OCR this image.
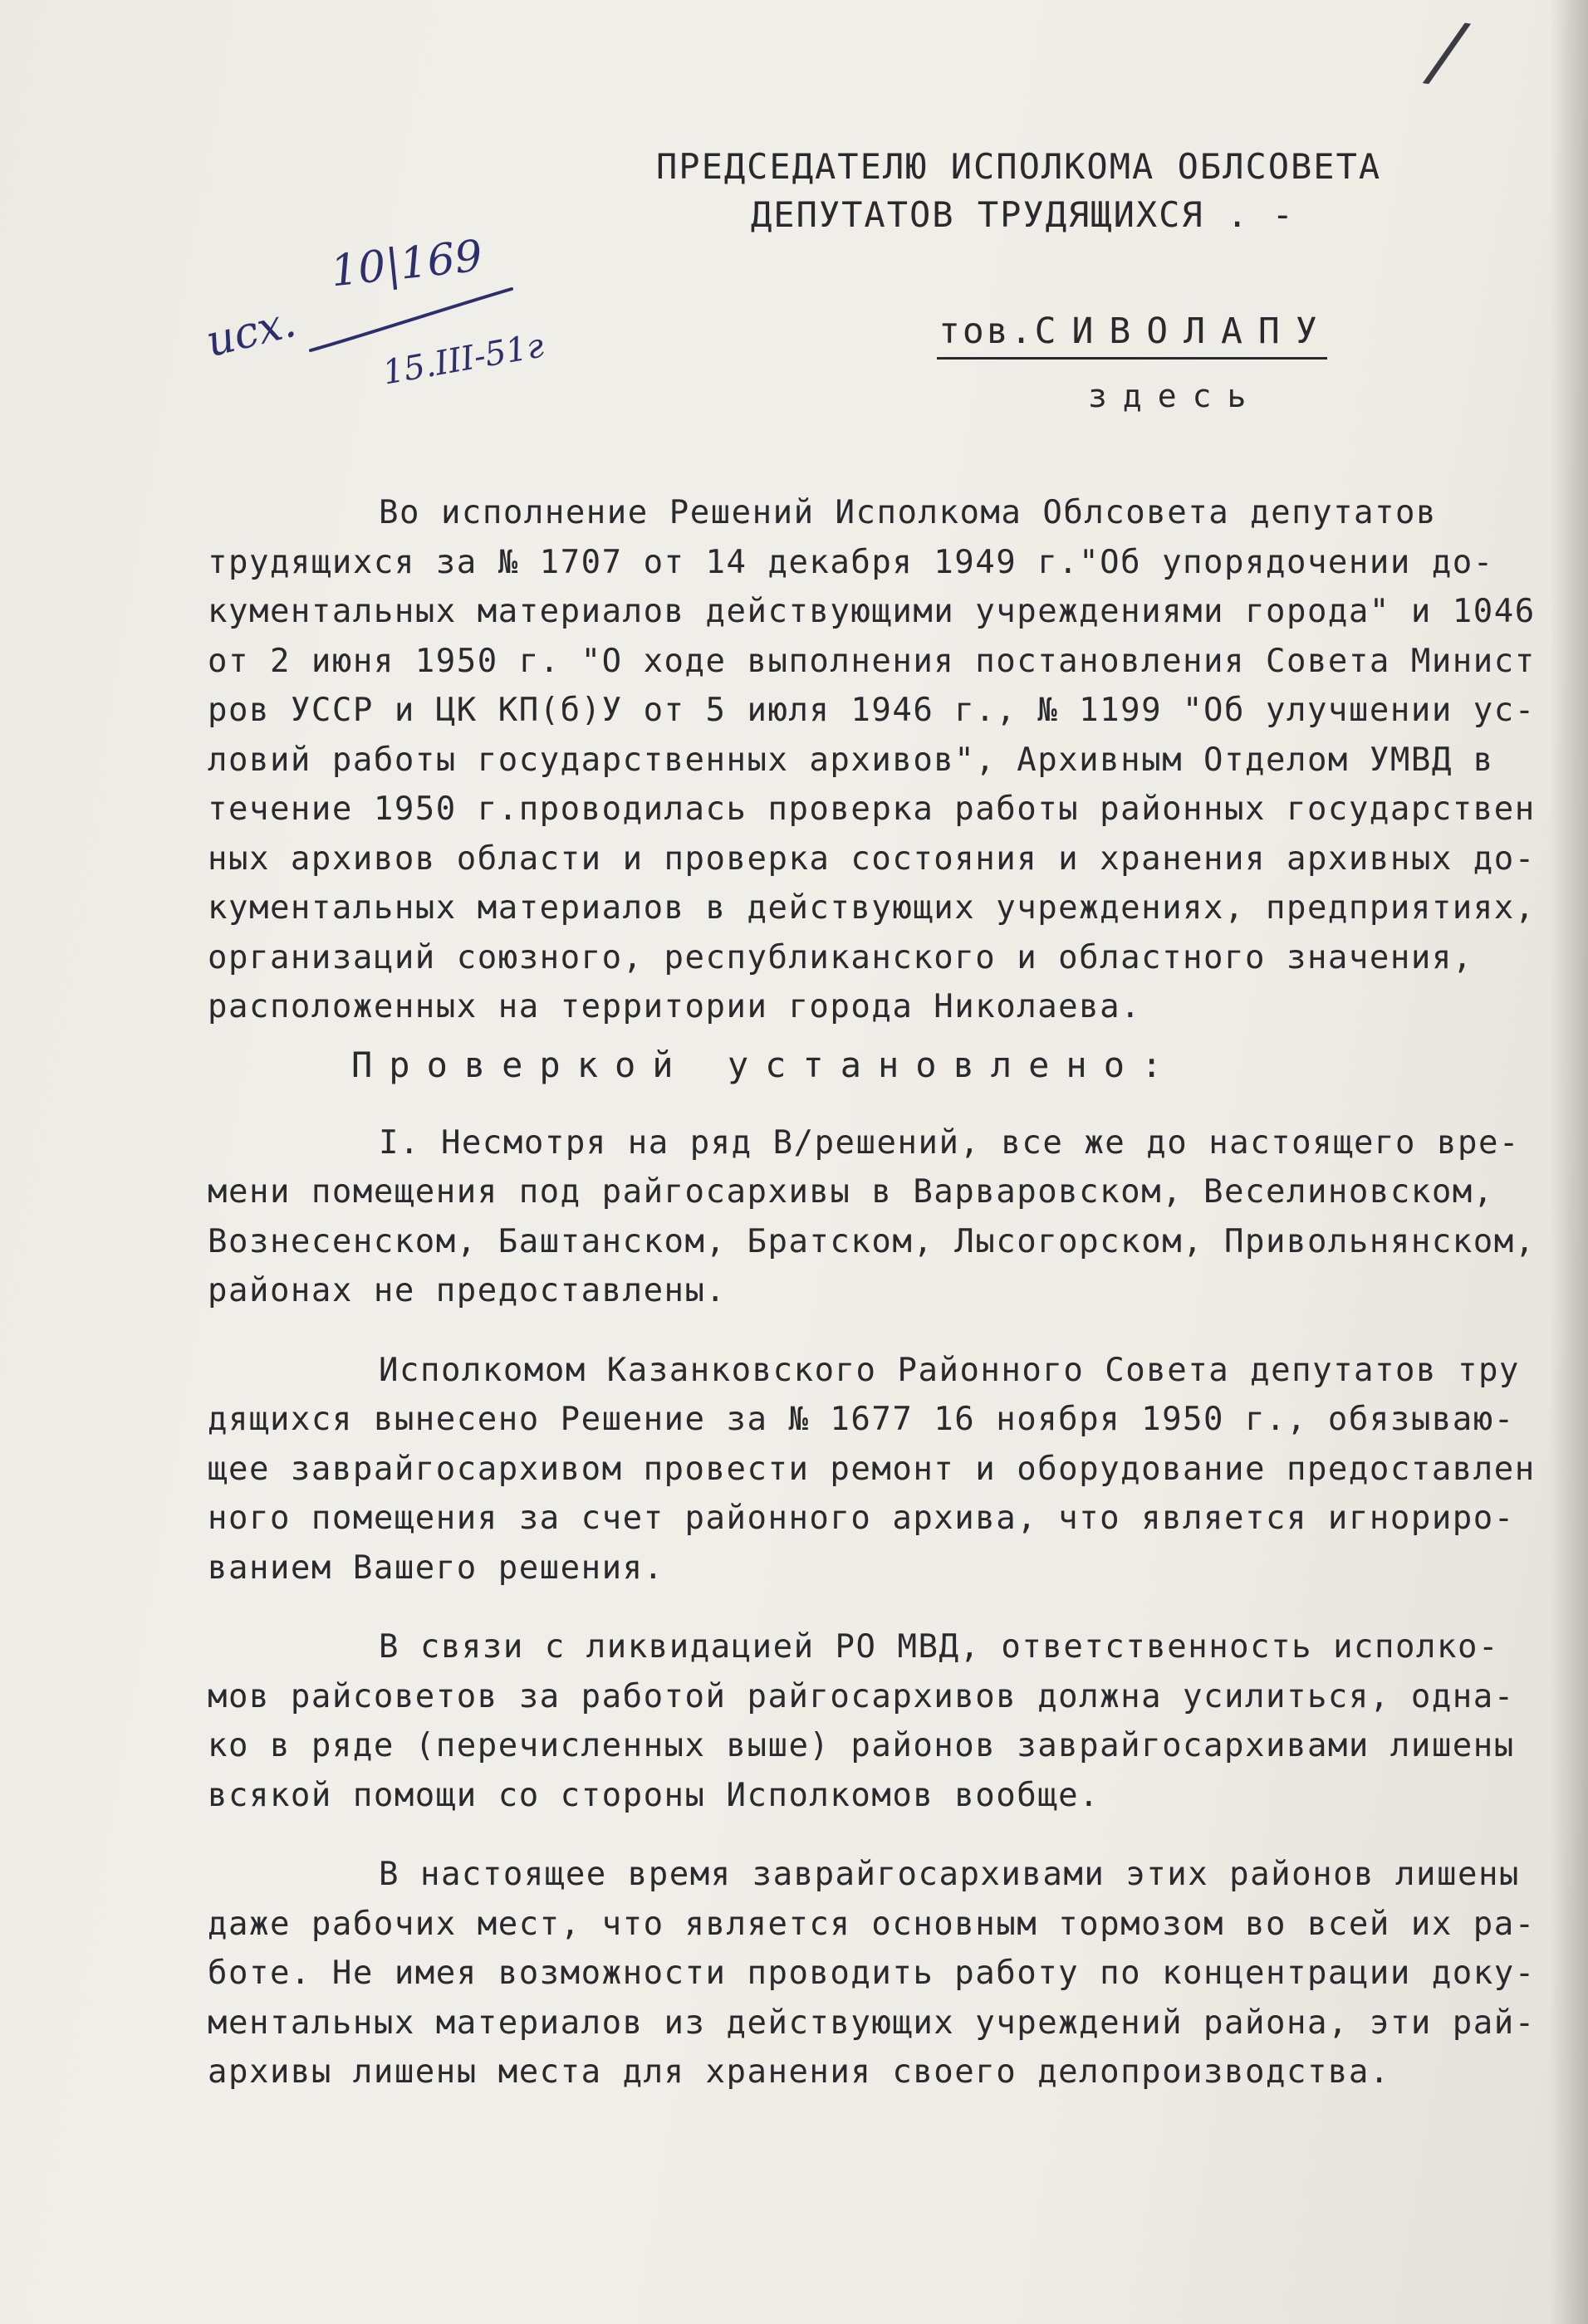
/
ПРЕДСЕДАТЕЛЮ ИСПОЛКОМА ОБЛСОВЕТА
ДЕПУТАТОВ ТРУДЯЩИХСЯ . -
тов.СИВОЛАПУ
здесь
исх.
10|169
15.III-51г
Во исполнение Решений Исполкома Облсовета депутатов
трудящихся за № 1707 от 14 декабря 1949 г."Об упорядочении до-
кументальных материалов действующими учреждениями города" и 1046
от 2 июня 1950 г. "О ходе выполнения постановления Совета Минист
ров УССР и ЦК КП(б)У от 5 июля 1946 г., № 1199 "Об улучшении ус-
ловий работы государственных архивов", Архивным Отделом УМВД в
течение 1950 г.проводилась проверка работы районных государствен
ных архивов области и проверка состояния и хранения архивных до-
кументальных материалов в действующих учреждениях, предприятиях,
организаций союзного, республиканского и областного значения,
расположенных на территории города Николаева.
Проверкой установлено:
I. Несмотря на ряд В/решений, все же до настоящего вре-
мени помещения под райгосархивы в Варваровском, Веселиновском,
Вознесенском, Баштанском, Братском, Лысогорском, Привольнянском,
районах не предоставлены.
Исполкомом Казанковского Районного Совета депутатов тру
дящихся вынесено Решение за № 1677 16 ноября 1950 г., обязываю-
щее заврайгосархивом провести ремонт и оборудование предоставлен
ного помещения за счет районного архива, что является игнориро-
ванием Вашего решения.
В связи с ликвидацией РО МВД, ответственность исполко-
мов райсоветов за работой райгосархивов должна усилиться, одна-
ко в ряде (перечисленных выше) районов заврайгосархивами лишены
всякой помощи со стороны Исполкомов вообще.
В настоящее время заврайгосархивами этих районов лишены
даже рабочих мест, что является основным тормозом во всей их ра-
боте. Не имея возможности проводить работу по концентрации доку-
ментальных материалов из действующих учреждений района, эти рай-
архивы лишены места для хранения своего делопроизводства.
